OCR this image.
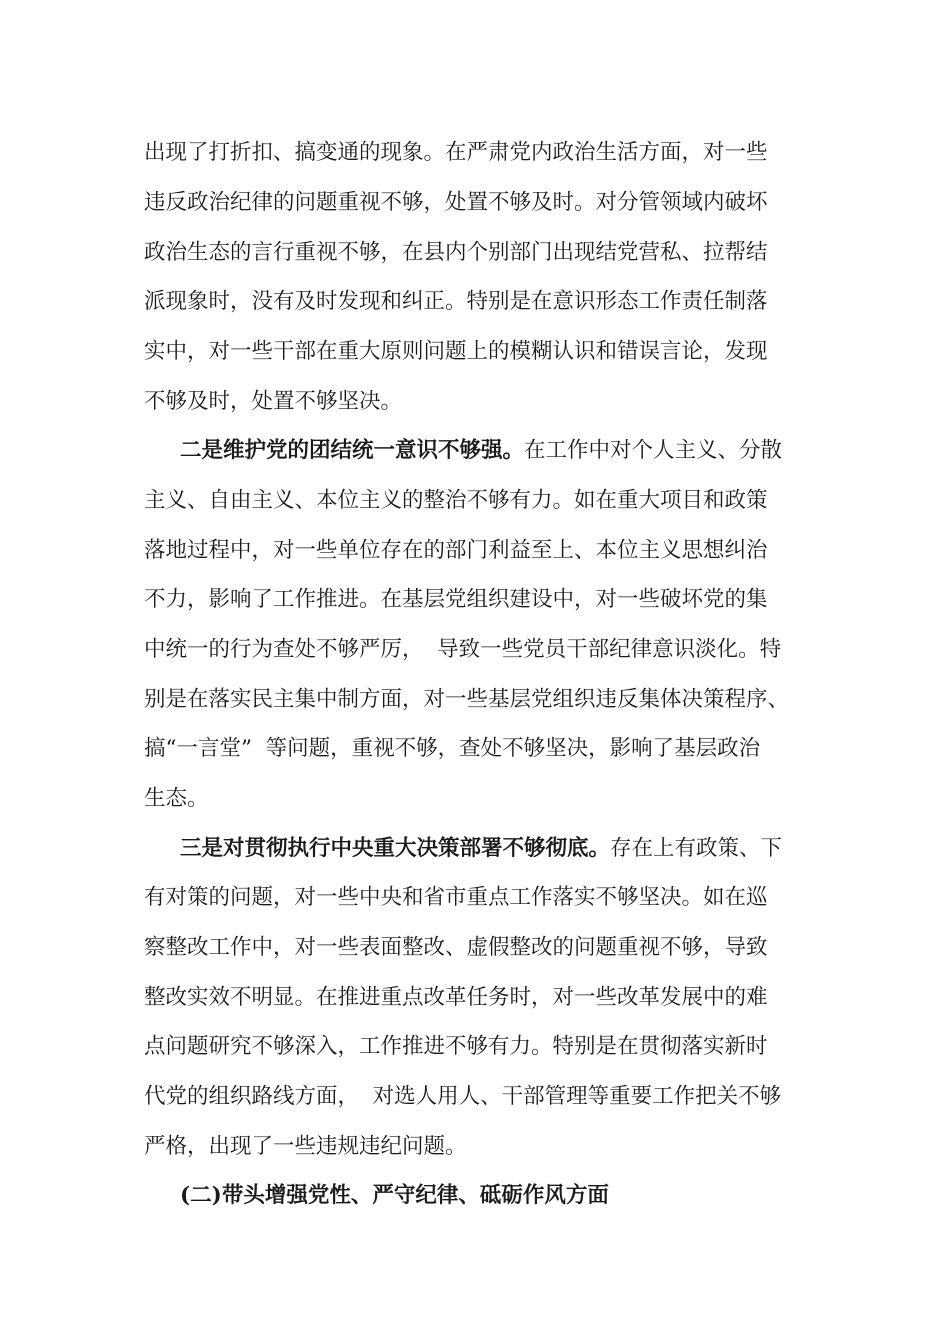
出现了打折扣、搞变通的现象。在严肃党内政治生活方面，对一些
违反政治纪律的问题重视不够，处置不够及时。对分管领域内破坏
政治生态的言行重视不够，在县内个别部门出现结党营私、拉帮结
派现象时，没有及时发现和纠正。特别是在意识形态工作责任制落
实中，对一些干部在重大原则问题上的模糊认识和错误言论，发现
不够及时，处置不够坚决。
二是维护党的团结统一意识不够强。在工作中对个人主义、分散
主义、自由主义、本位主义的整治不够有力。如在重大项目和政策
落地过程中，对一些单位存在的部门利益至上、本位主义思想纠治
不力，影响了工作推进。在基层党组织建设中，对一些破坏党的集
中统一的行为查处不够严厉，  导致一些党员干部纪律意识淡化。特
别是在落实民主集中制方面，对一些基层党组织违反集体决策程序、
搞“一言堂”  等问题，重视不够，查处不够坚决，影响了基层政治
生态。
三是对贯彻执行中央重大决策部署不够彻底。存在上有政策、下
有对策的问题，对一些中央和省市重点工作落实不够坚决。如在巡
察整改工作中，对一些表面整改、虚假整改的问题重视不够，导致
整改实效不明显。在推进重点改革任务时，对一些改革发展中的难
点问题研究不够深入，工作推进不够有力。特别是在贯彻落实新时
代党的组织路线方面，  对选人用人、干部管理等重要工作把关不够
严格，出现了一些违规违纪问题。
(二)带头增强党性、严守纪律、砥砺作风方面
